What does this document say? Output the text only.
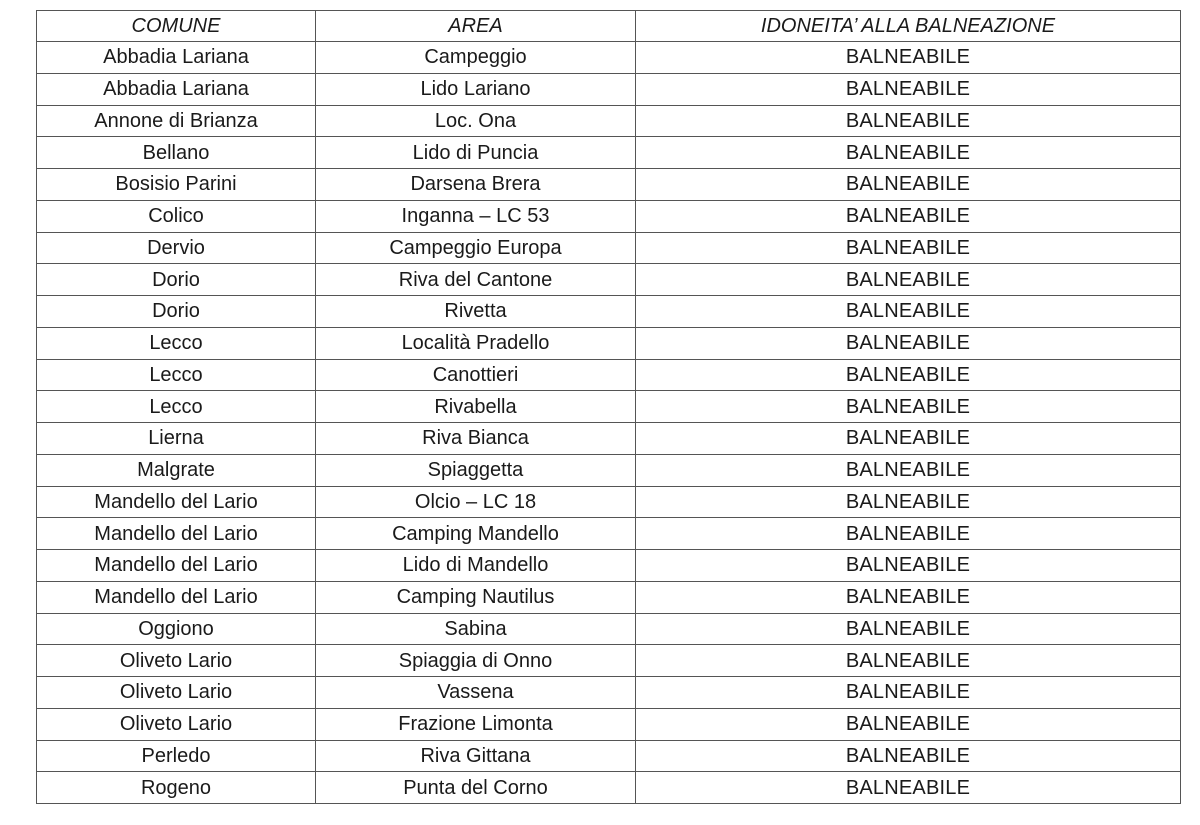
COMUNE	AREA	IDONEITA’ ALLA BALNEAZIONE
Abbadia Lariana	Campeggio	BALNEABILE
Abbadia Lariana	Lido Lariano	BALNEABILE
Annone di Brianza	Loc. Ona	BALNEABILE
Bellano	Lido di Puncia	BALNEABILE
Bosisio Parini	Darsena Brera	BALNEABILE
Colico	Inganna – LC 53	BALNEABILE
Dervio	Campeggio Europa	BALNEABILE
Dorio	Riva del Cantone	BALNEABILE
Dorio	Rivetta	BALNEABILE
Lecco	Località Pradello	BALNEABILE
Lecco	Canottieri	BALNEABILE
Lecco	Rivabella	BALNEABILE
Lierna	Riva Bianca	BALNEABILE
Malgrate	Spiaggetta	BALNEABILE
Mandello del Lario	Olcio – LC 18	BALNEABILE
Mandello del Lario	Camping Mandello	BALNEABILE
Mandello del Lario	Lido di Mandello	BALNEABILE
Mandello del Lario	Camping Nautilus	BALNEABILE
Oggiono	Sabina	BALNEABILE
Oliveto Lario	Spiaggia di Onno	BALNEABILE
Oliveto Lario	Vassena	BALNEABILE
Oliveto Lario	Frazione Limonta	BALNEABILE
Perledo	Riva Gittana	BALNEABILE
Rogeno	Punta del Corno	BALNEABILE
